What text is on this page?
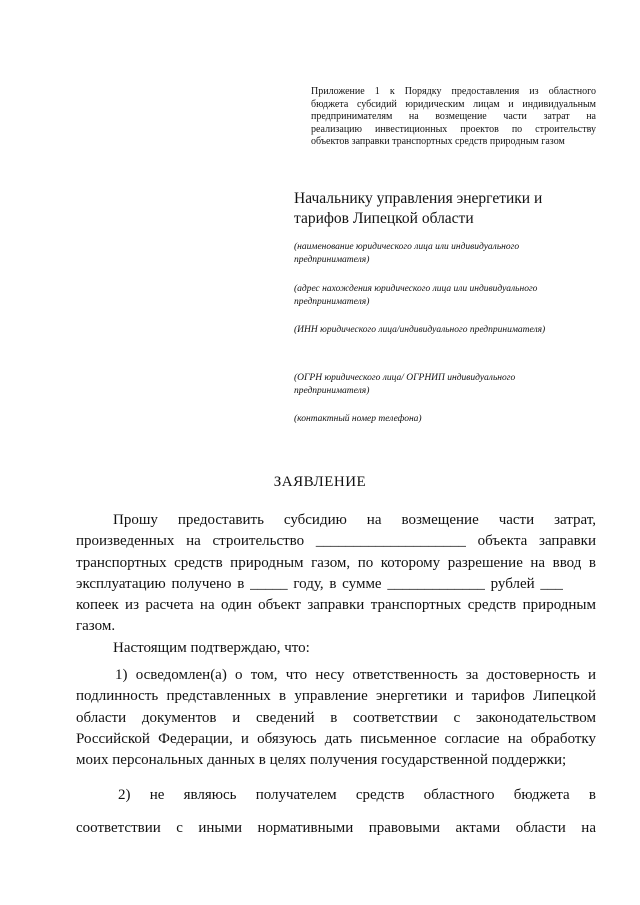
Приложение 1 к Порядку предоставления из областного
бюджета субсидий юридическим лицам и индивидуальным
предпринимателям на возмещение части затрат на
реализацию инвестиционных проектов по строительству
объектов заправки транспортных средств природным газом
Начальнику управления энергетики и
тарифов Липецкой области
(наименование юридического лица или индивидуального
предпринимателя)
(адрес нахождения юридического лица или индивидуального
предпринимателя)
(ИНН юридического лица/индивидуального предпринимателя)
(ОГРН юридического лица/ ОГРНИП индивидуального
предпринимателя)
(контактный номер телефона)
ЗАЯВЛЕНИЕ

Прошу предоставить субсидию на возмещение части затрат,

произведенных на строительство ____________________ объекта заправки

транспортных средств природным газом, по которому разрешение на ввод в

эксплуатацию получено в _____ году, в сумме _____________ рублей ___

копеек из расчета на один объект заправки транспортных средств природным

газом.

Настоящим подтверждаю, что:

1) осведомлен(а) о том, что несу ответственность за достоверность и

подлинность представленных в управление энергетики и тарифов Липецкой

области документов и сведений в соответствии с законодательством

Российской Федерации, и обязуюсь дать письменное согласие на обработку

моих персональных данных в целях получения государственной поддержки;

2) не являюсь получателем средств областного бюджета в

соответствии с иными нормативными правовыми актами области на
